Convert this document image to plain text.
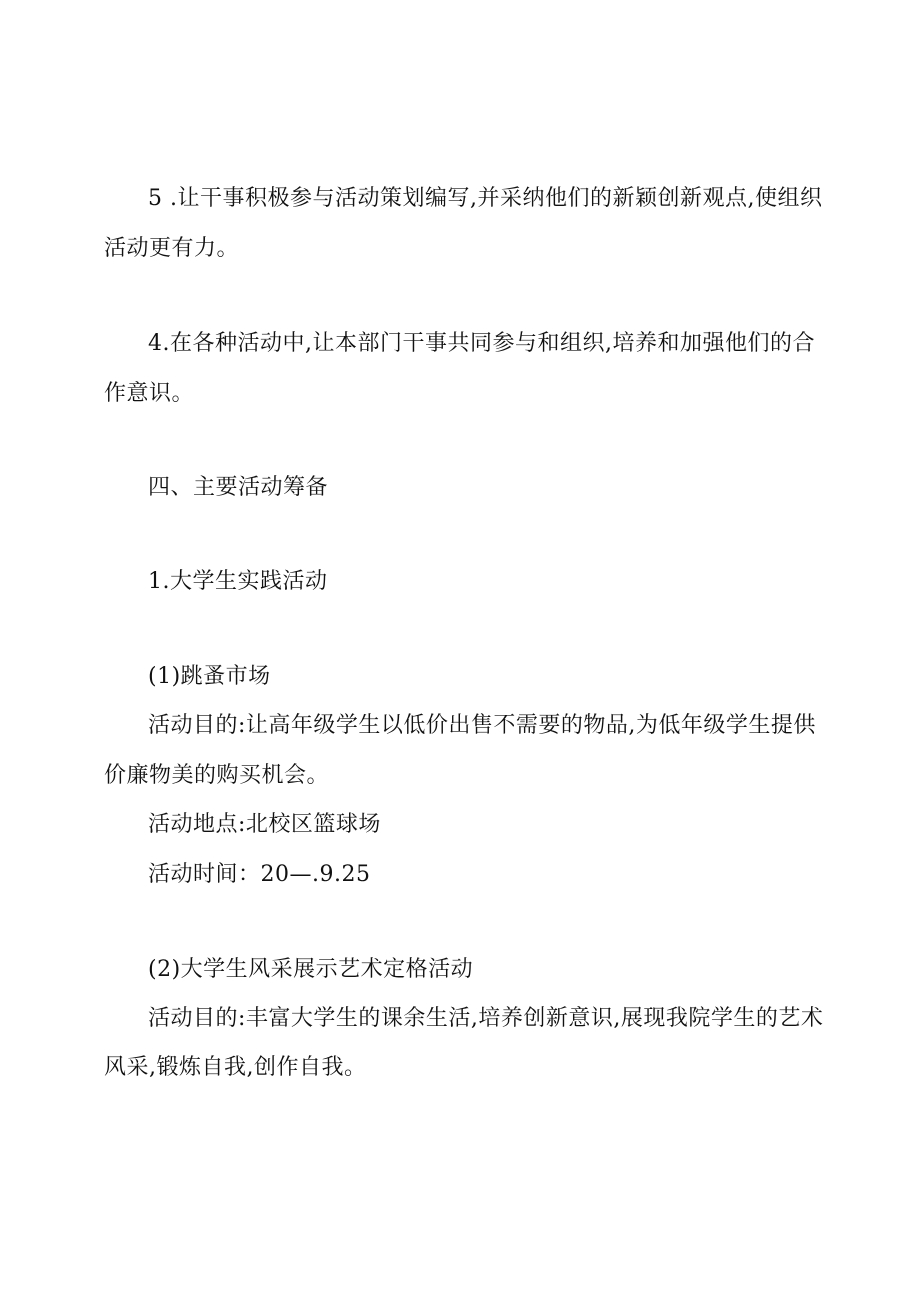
5 .让干事积极参与活动策划编写,并采纳他们的新颖创新观点,使组织
活动更有力。
4.在各种活动中,让本部门干事共同参与和组织,培养和加强他们的合
作意识。
四、主要活动筹备
1.大学生实践活动
(1)跳蚤市场
活动目的:让高年级学生以低价出售不需要的物品,为低年级学生提供
价廉物美的购买机会。
活动地点:北校区篮球场
活动时间：20—.9.25
(2)大学生风采展示艺术定格活动
活动目的:丰富大学生的课余生活,培养创新意识,展现我院学生的艺术
风采,锻炼自我,创作自我。
